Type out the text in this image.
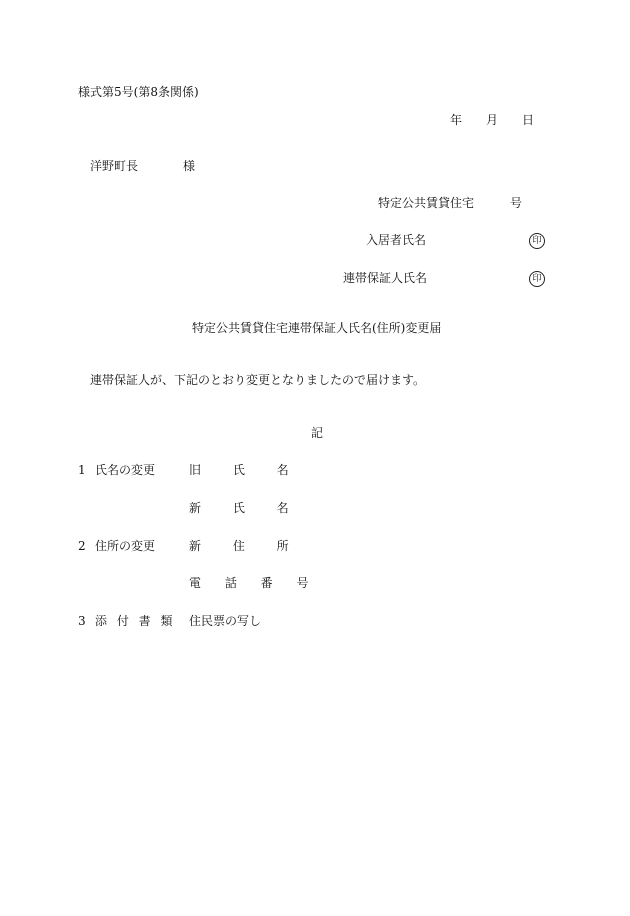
様式第5号(第8条関係)
年 月 日
洋野町長	様
特定公共賃貸住宅	号
入居者氏名	印
連帯保証人氏名	印
特定公共賃貸住宅連帯保証人氏名(住所)変更届
連帯保証人が、下記のとおり変更となりましたので届けます。
記
1 氏名の変更	旧 氏 名
新 氏 名
2 住所の変更	新 住 所
電 話 番 号
3 添 付 書 類 住民票の写し
